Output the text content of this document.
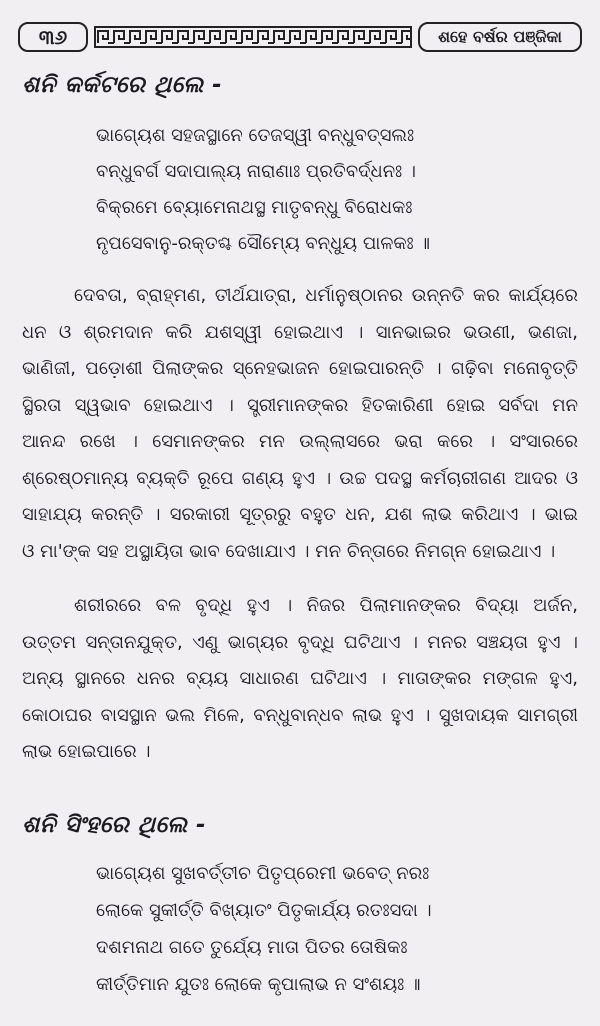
୩୬	ଶହେ ବର୍ଷର ପଞ୍ଜିକା
ଶନି କର୍କଟରେ ଥିଲେ -
ଭାଗ୍ୟେଶ ସହଜସ୍ଥାନେ ତେଜସ୍ୱୀ ବନ୍ଧୁବତ୍ସଲଃ
ବନ୍ଧୁବର୍ଗ ସଦାପାଲ୍ୟ ନାରାଣାଃ ପ୍ରତିବର୍ଦ୍ଧନଃ ।
ବିକ୍ରମେ ବ୍ୟୋମେନାଥସ୍ଥ ମାତୃବନ୍ଧୁ ବିରୋଧକଃ
ନୃପସେବାନୁ-ରକ୍ତଶ୍ଚ ସୌମ୍ୟେ ବନ୍ଧୁୟ ପାଳକଃ ॥
ଦେବତା, ବ୍ରାହ୍ମଣ, ତୀର୍ଥଯାତ୍ରା, ଧର୍ମାନୁଷ୍ଠାନର ଉନ୍ନତି କର କାର୍ଯ୍ୟରେ
ଧନ ଓ ଶ୍ରମଦାନ କରି ଯଶସ୍ୱୀ ହୋଇଥାଏ । ସାନଭାଇର ଭଉଣୀ, ଭଣଜା,
ଭାଣିଜୀ, ପଡ଼ୋଶୀ ପିଲାଙ୍କର ସ୍ନେହଭାଜନ ହୋଇପାରନ୍ତି । ଗଢ଼ିବା ମନୋବୃତ୍ତି
ସ୍ଥିରତା ସ୍ୱଭାବ ହୋଇଥାଏ । ସ୍ତ୍ରୀମାନଙ୍କର ହିତକାରିଣୀ ହୋଇ ସର୍ବଦା ମନ
ଆନନ୍ଦ ରଖେ । ସେମାନଙ୍କର ମନ ଉଲ୍ଲାସରେ ଭରା କରେ । ସଂସାରରେ
ଶ୍ରେଷ୍ଠମାନ୍ୟ ବ୍ୟକ୍ତି ରୂପେ ଗଣ୍ୟ ହୁଏ । ଉଚ୍ଚ ପଦସ୍ଥ କର୍ମଚାରୀଗଣ ଆଦର ଓ
ସାହାଯ୍ୟ କରନ୍ତି । ସରକାରୀ ସୂତ୍ରରୁ ବହୁତ ଧନ, ଯଶ ଲାଭ କରିଥାଏ । ଭାଇ
ଓ ମା'ଙ୍କ ସହ ଅସ୍ଥାୟିତା ଭାବ ଦେଖାଯାଏ । ମନ ଚିନ୍ତାରେ ନିମଗ୍ନ ହୋଇଥାଏ ।
ଶରୀରରେ ବଳ ବୃଦ୍ଧି ହୁଏ । ନିଜର ପିଲାମାନଙ୍କର ବିଦ୍ୟା ଅର୍ଜନ,
ଉତ୍ତମ ସନ୍ତାନଯୁକ୍ତ, ଏଣୁ ଭାଗ୍ୟର ବୃଦ୍ଧି ଘଟିଥାଏ । ମନର ସଞ୍ଚୟତା ହୁଏ ।
ଅନ୍ୟ ସ୍ଥାନରେ ଧନର ବ୍ୟୟ ସାଧାରଣ ଘଟିଥାଏ । ମାତାଙ୍କର ମଙ୍ଗଳ ହୁଏ,
କୋଠାଘର ବାସସ୍ଥାନ ଭଲ ମିଳେ, ବନ୍ଧୁବାନ୍ଧବ ଲାଭ ହୁଏ । ସୁଖଦାୟକ ସାମଗ୍ରୀ
ଲାଭ ହୋଇପାରେ ।
ଶନି ସିଂହରେ ଥିଲେ -
ଭାଗ୍ୟେଶ ସୁଖବର୍ତ୍ତୀଚ ପିତୃପ୍ରେମୀ ଭବେତ୍ ନରଃ
ଲୋକେ ସୁକୀର୍ତ୍ତି ବିଖ୍ୟାତଂ ପିତୃକାର୍ଯ୍ୟ ରତଃସଦା ।
ଦଶମନାଥ ଗତେ ତୁର୍ଯ୍ୟେ ମାତା ପିତର ତୋଷିକଃ
କୀର୍ତ୍ତିମାନ ଯୁତଃ ଲୋକେ କୃପାଲାଭ ନ ସଂଶୟଃ ॥
